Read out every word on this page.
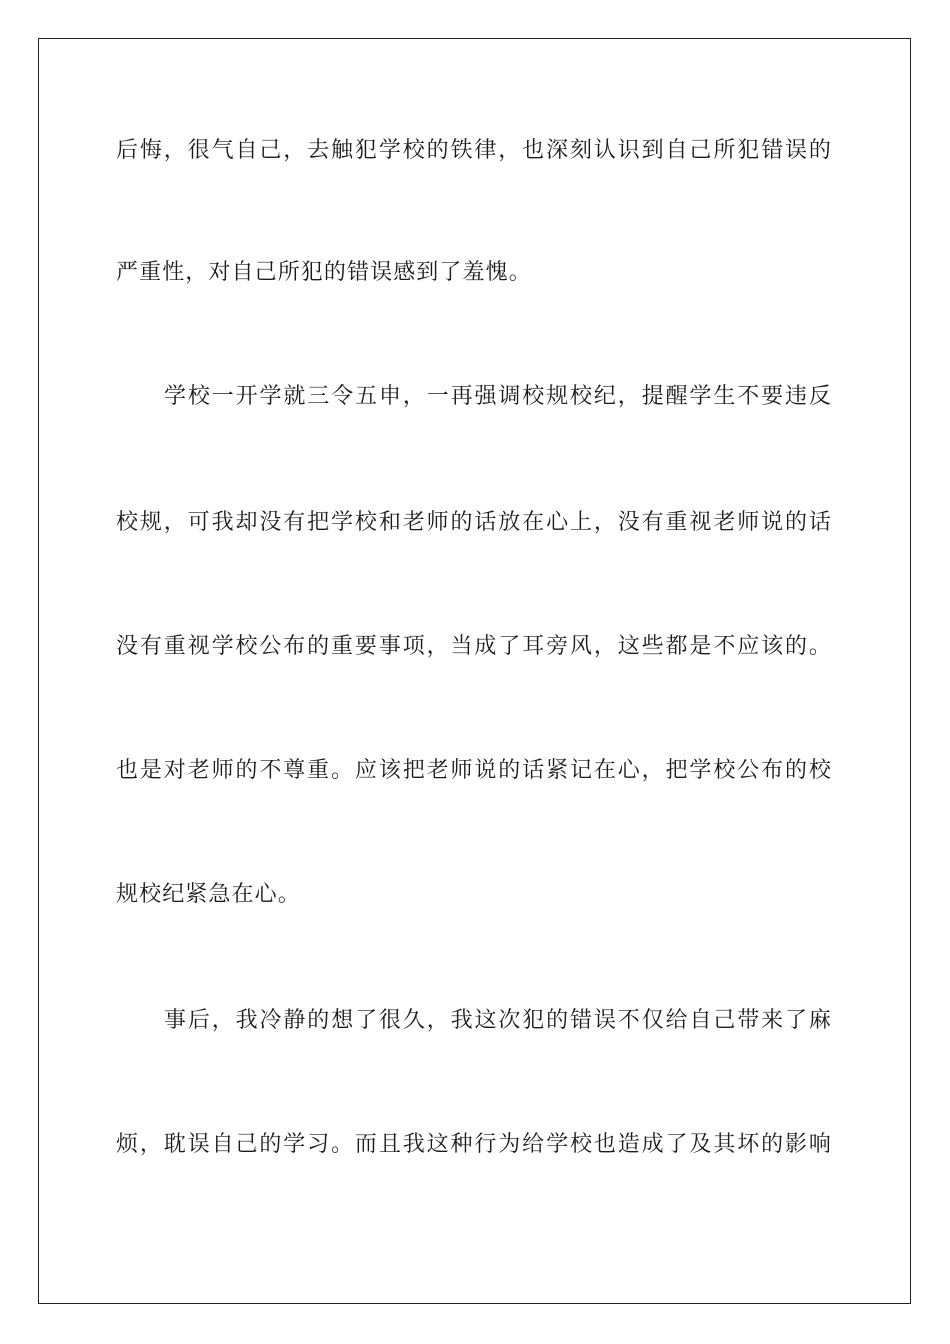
后悔，很气自己，去触犯学校的铁律，也深刻认识到自己所犯错误的
严重性，对自己所犯的错误感到了羞愧。
学校一开学就三令五申，一再强调校规校纪，提醒学生不要违反
校规，可我却没有把学校和老师的话放在心上，没有重视老师说的话
没有重视学校公布的重要事项，当成了耳旁风，这些都是不应该的。
也是对老师的不尊重。应该把老师说的话紧记在心，把学校公布的校
规校纪紧急在心。
事后，我冷静的想了很久，我这次犯的错误不仅给自己带来了麻
烦，耽误自己的学习。而且我这种行为给学校也造成了及其坏的影响
